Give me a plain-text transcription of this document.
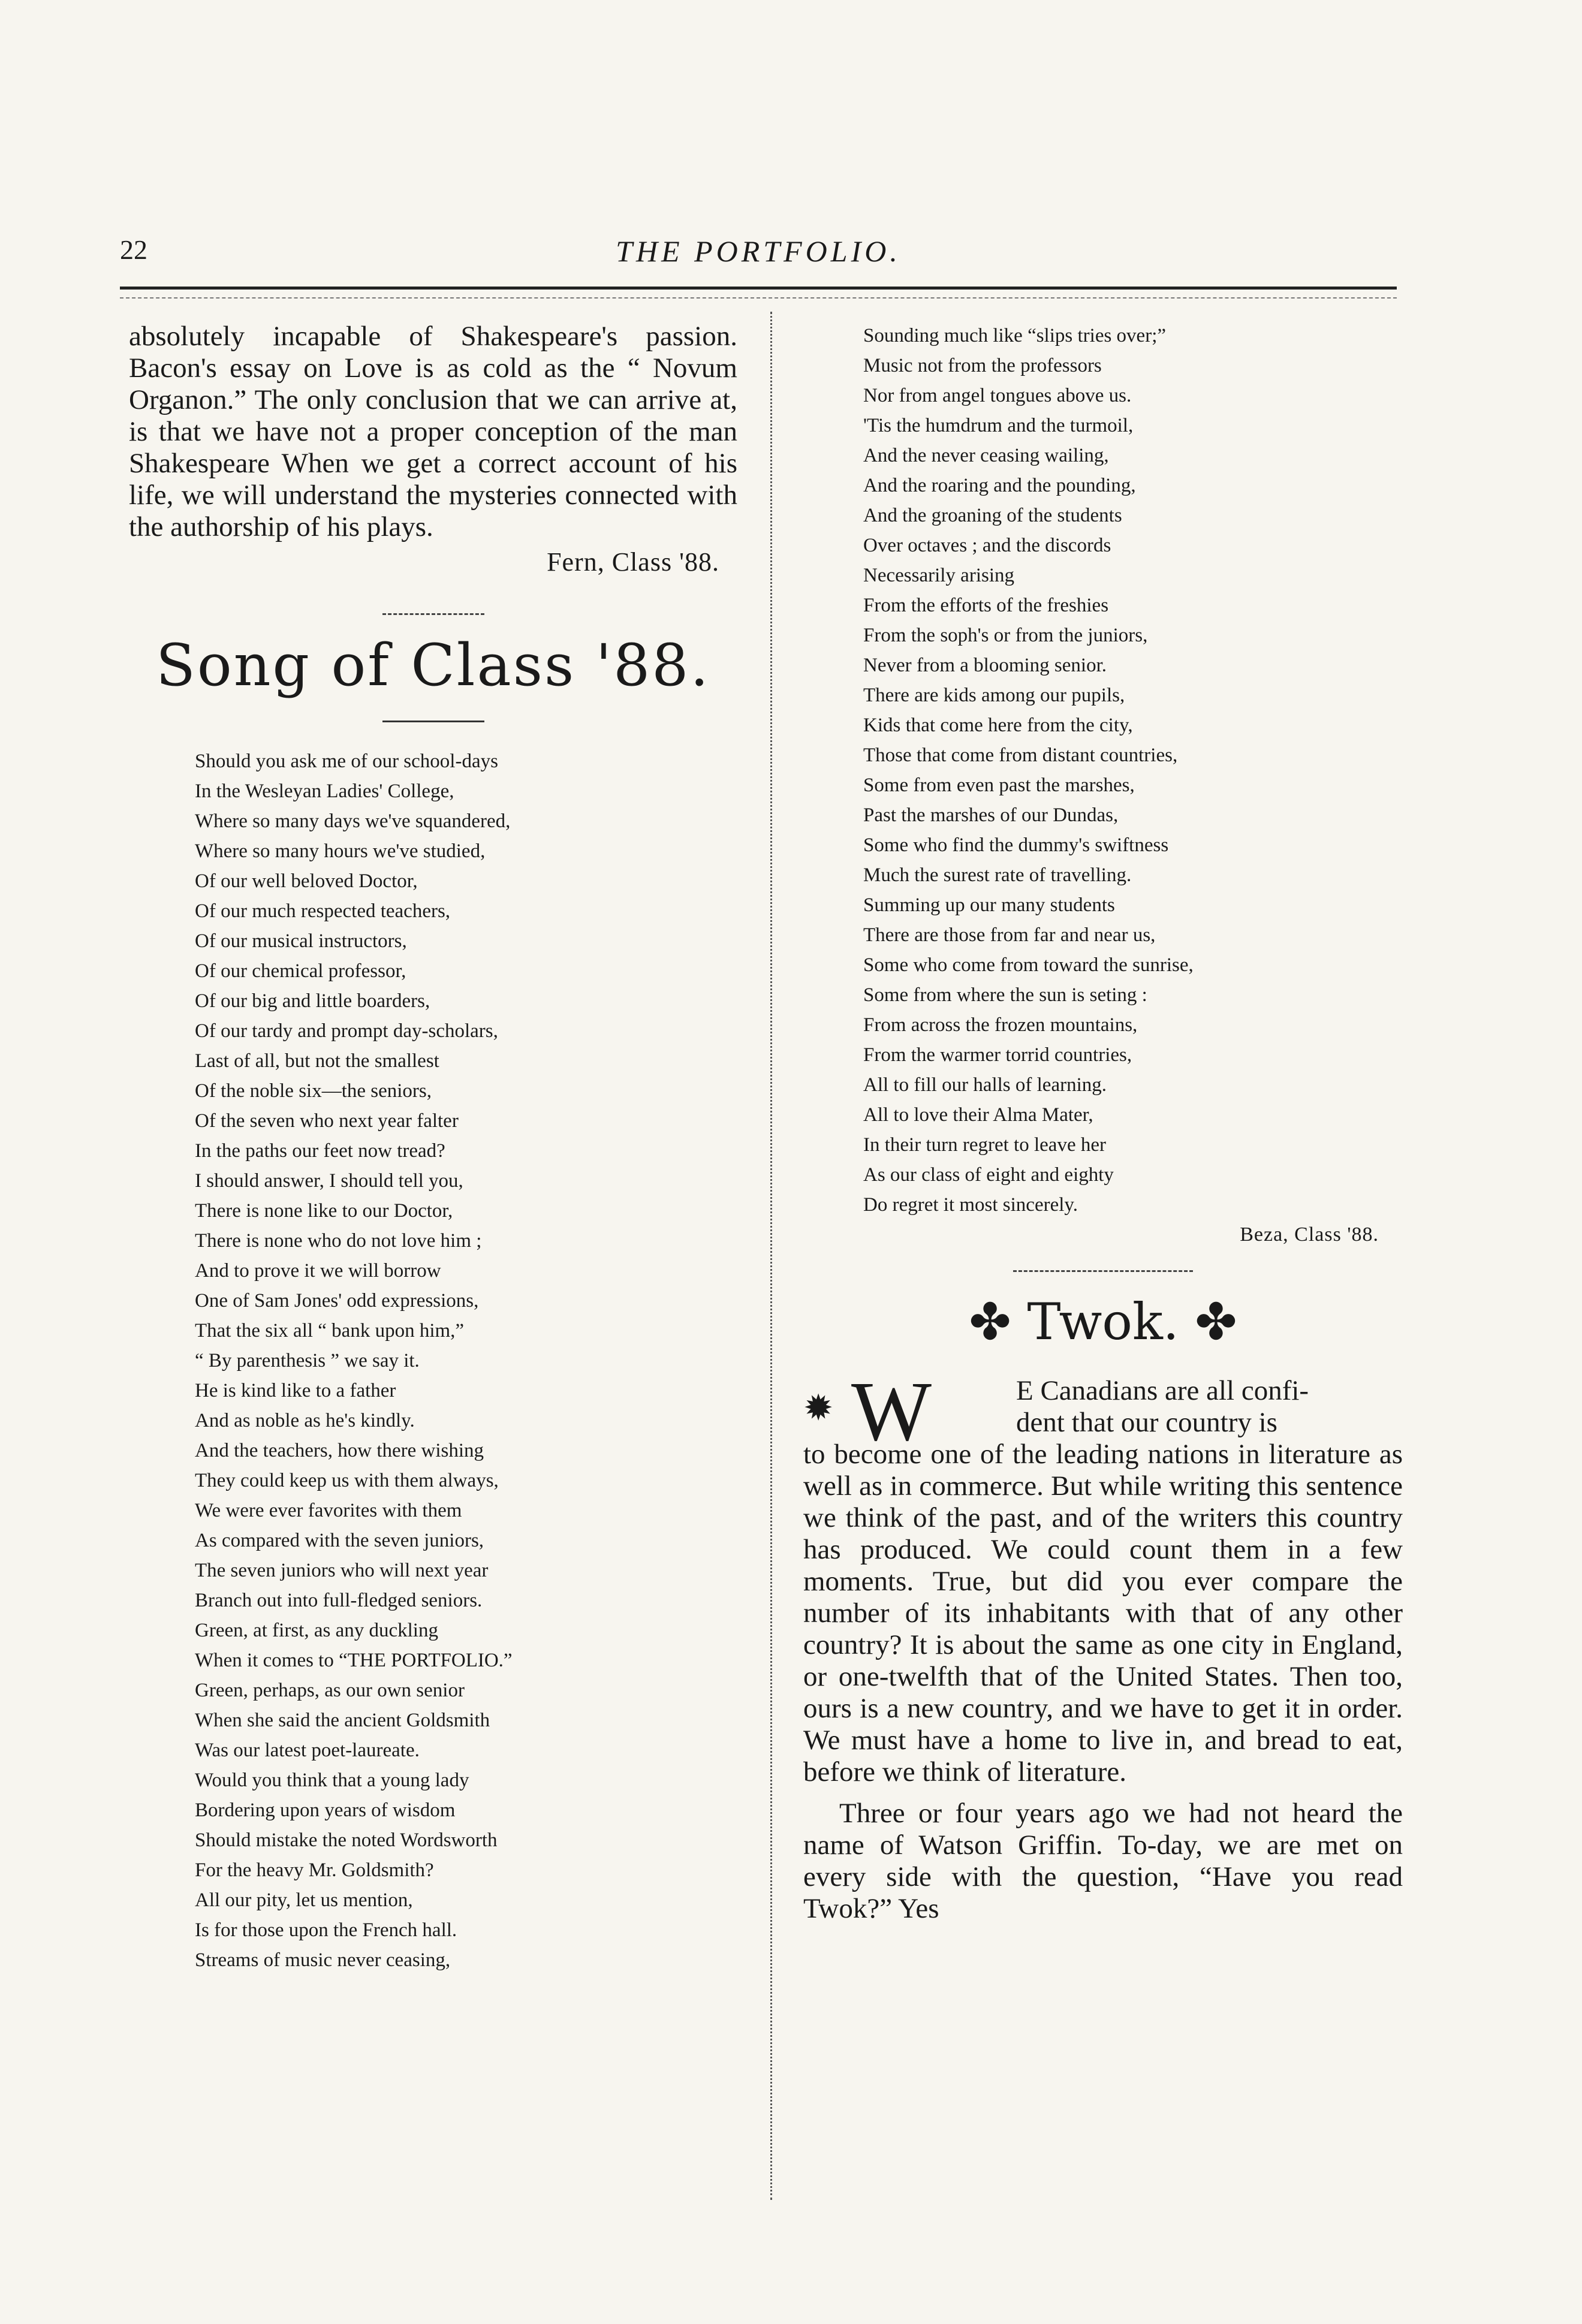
22	THE PORTFOLIO.

absolutely incapable of Shakespeare's passion. Bacon's essay on Love is as cold as the “ Novum Organon.” The only conclusion that we can arrive at, is that we have not a proper conception of the man Shakespeare When we get a correct account of his life, we will understand the mysteries connected with the authorship of his plays.

Fern, Class '88.
Song of Class '88.
Should you ask me of our school-days
In the Wesleyan Ladies' College,
Where so many days we've squandered,
Where so many hours we've studied,
Of our well beloved Doctor,
Of our much respected teachers,
Of our musical instructors,
Of our chemical professor,
Of our big and little boarders,
Of our tardy and prompt day-scholars,
Last of all, but not the smallest
Of the noble six—the seniors,
Of the seven who next year falter
In the paths our feet now tread?
I should answer, I should tell you,
There is none like to our Doctor,
There is none who do not love him ;
And to prove it we will borrow
One of Sam Jones' odd expressions,
That the six all “ bank upon him,”
“ By parenthesis ” we say it.
He is kind like to a father
And as noble as he's kindly.
And the teachers, how there wishing
They could keep us with them always,
We were ever favorites with them
As compared with the seven juniors,
The seven juniors who will next year
Branch out into full-fledged seniors.
Green, at first, as any duckling
When it comes to “THE PORTFOLIO.”
Green, perhaps, as our own senior
When she said the ancient Goldsmith
Was our latest poet-laureate.
Would you think that a young lady
Bordering upon years of wisdom
Should mistake the noted Wordsworth
For the heavy Mr. Goldsmith?
All our pity, let us mention,
Is for those upon the French hall.
Streams of music never ceasing,
Sounding much like “slips tries over;”
Music not from the professors
Nor from angel tongues above us.
'Tis the humdrum and the turmoil,
And the never ceasing wailing,
And the roaring and the pounding,
And the groaning of the students
Over octaves ; and the discords
Necessarily arising
From the efforts of the freshies
From the soph's or from the juniors,
Never from a blooming senior.
There are kids among our pupils,
Kids that come here from the city,
Those that come from distant countries,
Some from even past the marshes,
Past the marshes of our Dundas,
Some who find the dummy's swiftness
Much the surest rate of travelling.
Summing up our many students
There are those from far and near us,
Some who come from toward the sunrise,
Some from where the sun is seting :
From across the frozen mountains,
From the warmer torrid countries,
All to fill our halls of learning.
All to love their Alma Mater,
In their turn regret to leave her
As our class of eight and eighty
Do regret it most sincerely.
Beza, Class '88.
✤ Twok. ✤
✹ W	E Canadians are all confi-
dent that our country is

to become one of the leading nations in literature as well as in commerce. But while writing this sentence we think of the past, and of the writers this country has produced. We could count them in a few moments. True, but did you ever compare the number of its inhabitants with that of any other country? It is about the same as one city in England, or one-twelfth that of the United States. Then too, ours is a new country, and we have to get it in order. We must have a home to live in, and bread to eat, before we think of literature.

Three or four years ago we had not heard the name of Watson Griffin. To-day, we are met on every side with the question, “Have you read Twok?” Yes
